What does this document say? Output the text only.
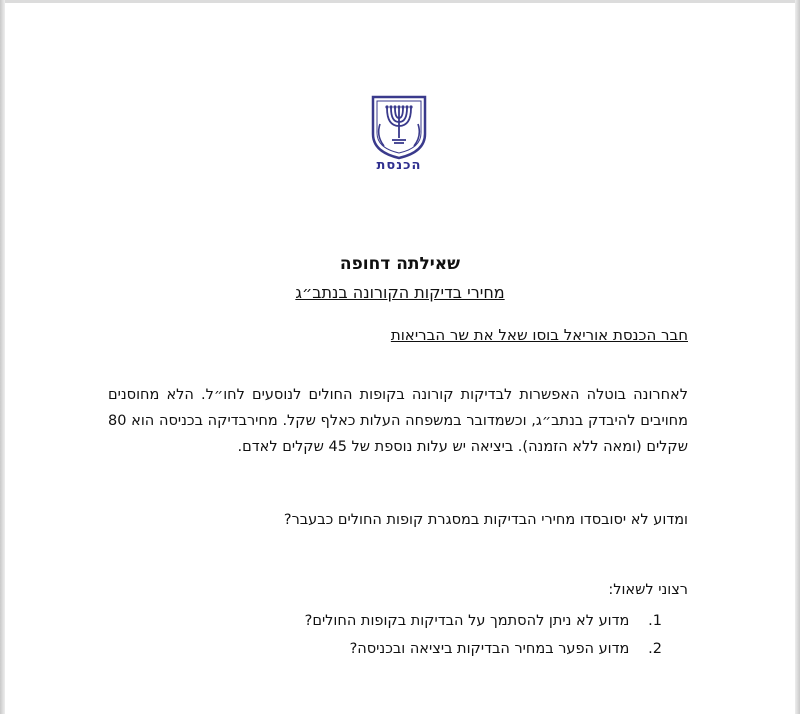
הכנסת
שאילתה דחופה
מחירי בדיקות הקורונה בנתב״ג
חבר הכנסת אוריאל בוסו שאל את שר הבריאות
לאחרונה בוטלה האפשרות לבדיקות קורונה בקופות החולים לנוסעים לחו״ל. הלא מחוסנים מחויבים להיבדק בנתב״ג, וכשמדובר במשפחה העלות כאלף שקל. מחירבדיקה בכניסה הוא 80 שקלים (ומאה ללא הזמנה). ביציאה יש עלות נוספת של 45 שקלים לאדם.
ומדוע לא יסובסדו מחירי הבדיקות במסגרת קופות החולים כבעבר?
רצוני לשאול:
1. מדוע לא ניתן להסתמך על הבדיקות בקופות החולים?
2. מדוע הפער במחיר הבדיקות ביציאה ובכניסה?
